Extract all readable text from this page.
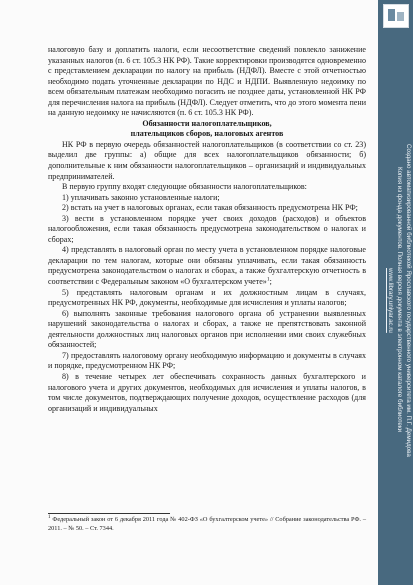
налоговую базу и доплатить налоги, если несоответствие сведений повлекло занижение указанных налогов (п. 6 ст. 105.3 НК РФ). Такие корректировки производятся одновременно с представлением декларации по налогу на прибыль (НДФЛ). Вместе с этой отчетностью необходимо подать уточненные декларации по НДС и НДПИ. Выявленную недоимку по всем обязательным платежам необходимо погасить не позднее даты, установленной НК РФ для перечисления налога на прибыль (НДФЛ). Следует отметить, что до этого момента пени на данную недоимку не начисляются (п. 6 ст. 105.3 НК РФ).

Обязанности налогоплательщиков,
плательщиков сборов, налоговых агентов

НК РФ в первую очередь обязанностей налогоплательщиков (в соответствии со ст. 23) выделил две группы: а) общие для всех налогоплательщиков обязанности; б) дополнительные к ним обязанности налогоплательщиков – организаций и индивидуальных предпринимателей.

В первую группу входят следующие обязанности налогоплательщиков:

1) уплачивать законно установленные налоги;

2) встать на учет в налоговых органах, если такая обязанность предусмотрена НК РФ;

3) вести в установленном порядке учет своих доходов (расходов) и объектов налогообложения, если такая обязанность предусмотрена законодательством о налогах и сборах;

4) представлять в налоговый орган по месту учета в установленном порядке налоговые декларации по тем налогам, которые они обязаны уплачивать, если такая обязанность предусмотрена законодательством о налогах и сборах, а также бухгалтерскую отчетность в соответствии с Федеральным законом «О бухгалтерском учете»$^1$;

5) представлять налоговым органам и их должностным лицам в случаях, предусмотренных НК РФ, документы, необходимые для исчисления и уплаты налогов;

6) выполнять законные требования налогового органа об устранении выявленных нарушений законодательства о налогах и сборах, а также не препятствовать законной деятельности должностных лиц налоговых органов при исполнении ими своих служебных обязанностей;

7) предоставлять налоговому органу необходимую информацию и документы в случаях и порядке, предусмотренном НК РФ;

8) в течение четырех лет обеспечивать сохранность данных бухгалтерского и налогового учета и других документов, необходимых для исчисления и уплаты налогов, в том числе документов, подтверждающих получение доходов, осуществление расходов (для организаций и индивидуальных

$^1$ Федеральный закон от 6 декабря 2011 года № 402-ФЗ «О бухгалтерском учете» // Собрание законодательства РФ. – 2011. – № 50. – Ст. 7344.
Создано автоматизированной библиотекой Ярославского государственного университета им. П.Г. Демидова
Копия из фонда документов. Полная версия документа в электронном каталоге библиотеки
www.library.uniyar.ac.ru
